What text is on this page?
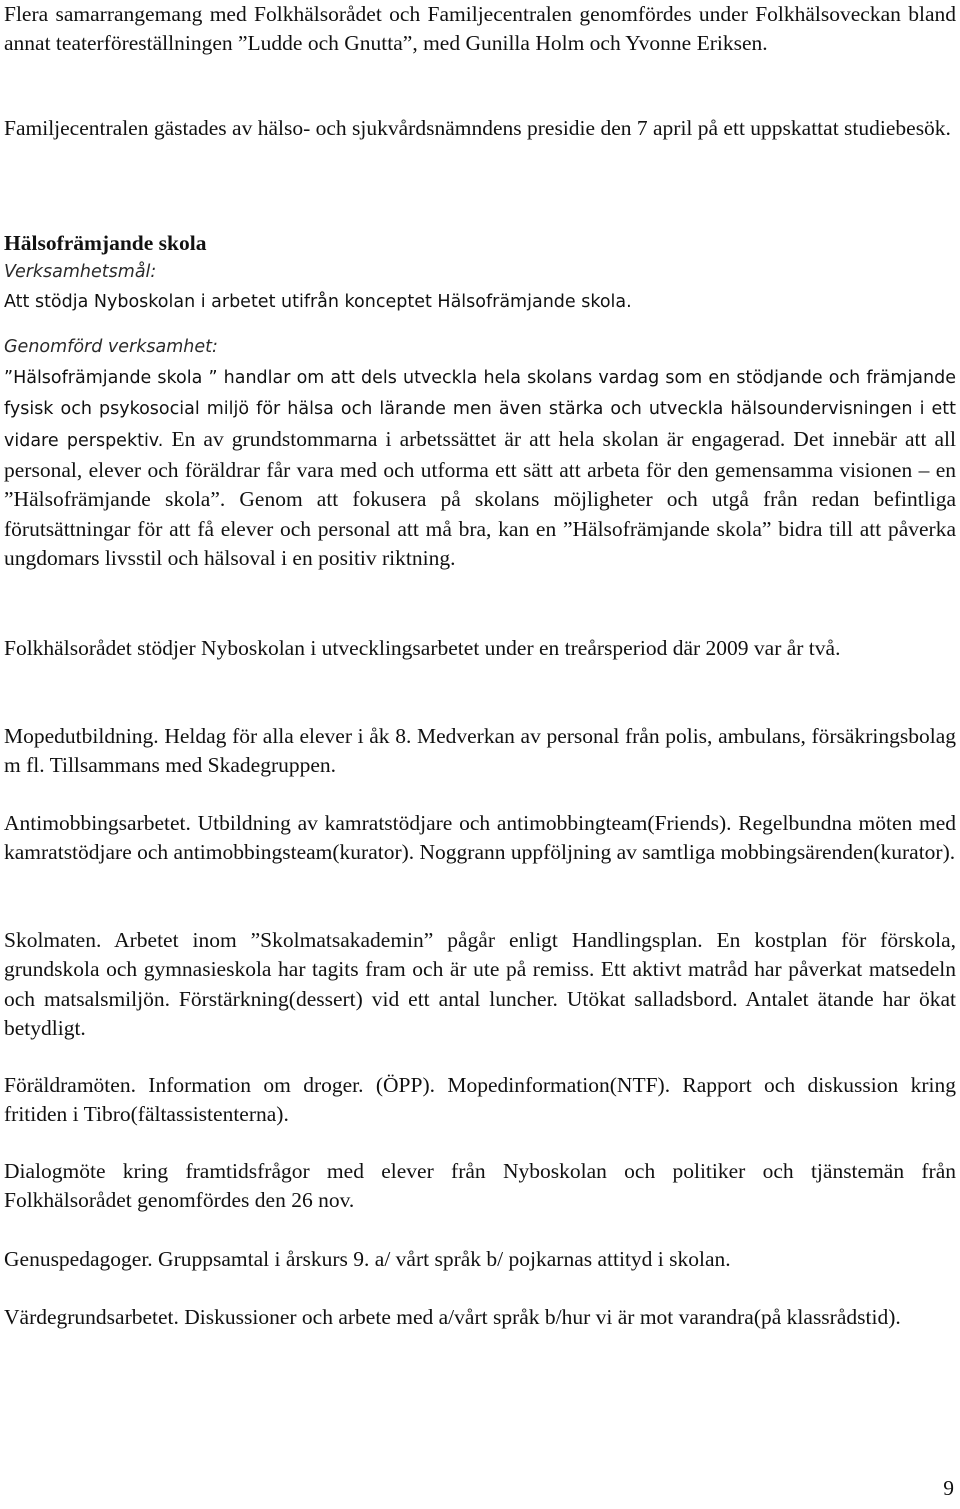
Flera samarrangemang med Folkhälsorådet och Familjecentralen genomfördes under Folkhälsoveckan bland annat teaterföreställningen ”Ludde och Gnutta”, med Gunilla Holm och Yvonne Eriksen.

Familjecentralen gästades av hälso- och sjukvårdsnämndens presidie den 7 april på ett uppskattat studiebesök.

Hälsofrämjande skola

Verksamhetsmål:

Att stödja Nyboskolan i arbetet utifrån konceptet Hälsofrämjande skola.

Genomförd verksamhet:

”Hälsofrämjande skola ” handlar om att dels utveckla hela skolans vardag som en stödjande och främjande fysisk och psykosocial miljö för hälsa och lärande men även stärka och utveckla hälsoundervisningen i ett vidare perspektiv. En av grundstommarna i arbetssättet är att hela skolan är engagerad. Det innebär att all personal, elever och föräldrar får vara med och utforma ett sätt att arbeta för den gemensamma visionen – en ”Hälsofrämjande skola”. Genom att fokusera på skolans möjligheter och utgå från redan befintliga förutsättningar för att få elever och personal att må bra, kan en ”Hälsofrämjande skola” bidra till att påverka ungdomars livsstil och hälsoval i en positiv riktning.

Folkhälsorådet stödjer Nyboskolan i utvecklingsarbetet under en treårsperiod där 2009 var år två.

Mopedutbildning. Heldag för alla elever i åk 8. Medverkan av personal från polis, ambulans, försäkringsbolag m fl. Tillsammans med Skadegruppen.

Antimobbingsarbetet. Utbildning av kamratstödjare och antimobbingteam(Friends). Regelbundna möten med kamratstödjare och antimobbingsteam(kurator). Noggrann uppföljning av samtliga mobbingsärenden(kurator).

Skolmaten. Arbetet inom ”Skolmatsakademin” pågår enligt Handlingsplan. En kostplan för förskola, grundskola och gymnasieskola har tagits fram och är ute på remiss. Ett aktivt matråd har påverkat matsedeln och matsalsmiljön. Förstärkning(dessert) vid ett antal luncher. Utökat salladsbord. Antalet ätande har ökat betydligt.

Föräldramöten. Information om droger. (ÖPP). Mopedinformation(NTF). Rapport och diskussion kring fritiden i Tibro(fältassistenterna).

Dialogmöte kring framtidsfrågor med elever från Nyboskolan och politiker och tjänstemän från Folkhälsorådet genomfördes den 26 nov.

Genuspedagoger. Gruppsamtal i årskurs 9. a/ vårt språk b/ pojkarnas attityd i skolan.

Värdegrundsarbetet. Diskussioner och arbete med a/vårt språk b/hur vi är mot varandra(på klassrådstid).

9
